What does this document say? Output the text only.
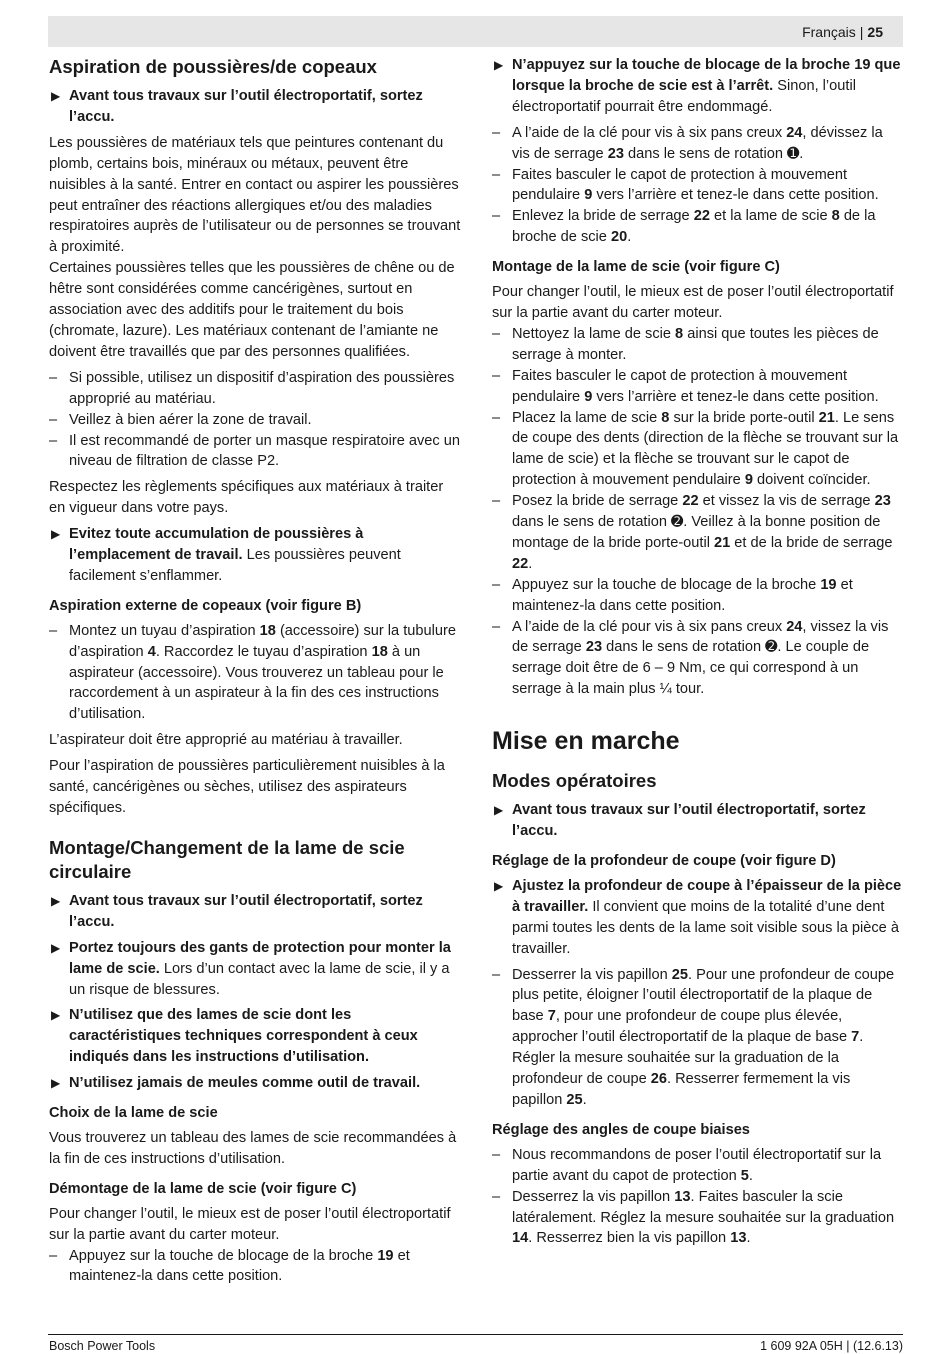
Français | 25
Aspiration de poussières/de copeaux
▶ Avant tous travaux sur l’outil électroportatif, sortez l’accu.
Les poussières de matériaux tels que peintures contenant du plomb, certains bois, minéraux ou métaux, peuvent être nuisibles à la santé. Entrer en contact ou aspirer les poussières peut entraîner des réactions allergiques et/ou des maladies respiratoires auprès de l’utilisateur ou de personnes se trouvant à proximité.
Certaines poussières telles que les poussières de chêne ou de hêtre sont considérées comme cancérigènes, surtout en association avec des additifs pour le traitement du bois (chromate, lazure). Les matériaux contenant de l’amiante ne doivent être travaillés que par des personnes qualifiées.
– Si possible, utilisez un dispositif d’aspiration des poussières approprié au matériau.
– Veillez à bien aérer la zone de travail.
– Il est recommandé de porter un masque respiratoire avec un niveau de filtration de classe P2.
Respectez les règlements spécifiques aux matériaux à traiter en vigueur dans votre pays.
▶ Evitez toute accumulation de poussières à l’emplacement de travail. Les poussières peuvent facilement s’enflammer.
Aspiration externe de copeaux (voir figure B)
– Montez un tuyau d’aspiration 18 (accessoire) sur la tubulure d’aspiration 4. Raccordez le tuyau d’aspiration 18 à un aspirateur (accessoire). Vous trouverez un tableau pour le raccordement à un aspirateur à la fin des ces instructions d’utilisation.
L’aspirateur doit être approprié au matériau à travailler.
Pour l’aspiration de poussières particulièrement nuisibles à la santé, cancérigènes ou sèches, utilisez des aspirateurs spécifiques.
Montage/Changement de la lame de scie circulaire
▶ Avant tous travaux sur l’outil électroportatif, sortez l’accu.
▶ Portez toujours des gants de protection pour monter la lame de scie. Lors d’un contact avec la lame de scie, il y a un risque de blessures.
▶ N’utilisez que des lames de scie dont les caractéristiques techniques correspondent à ceux indiqués dans les instructions d’utilisation.
▶ N’utilisez jamais de meules comme outil de travail.
Choix de la lame de scie
Vous trouverez un tableau des lames de scie recommandées à la fin de ces instructions d’utilisation.
Démontage de la lame de scie (voir figure C)
Pour changer l’outil, le mieux est de poser l’outil électroportatif sur la partie avant du carter moteur.
– Appuyez sur la touche de blocage de la broche 19 et maintenez-la dans cette position.
▶ N’appuyez sur la touche de blocage de la broche 19 que lorsque la broche de scie est à l’arrêt. Sinon, l’outil électroportatif pourrait être endommagé.
– A l’aide de la clé pour vis à six pans creux 24, dévissez la vis de serrage 23 dans le sens de rotation ➊.
– Faites basculer le capot de protection à mouvement pendulaire 9 vers l’arrière et tenez-le dans cette position.
– Enlevez la bride de serrage 22 et la lame de scie 8 de la broche de scie 20.
Montage de la lame de scie (voir figure C)
Pour changer l’outil, le mieux est de poser l’outil électroportatif sur la partie avant du carter moteur.
– Nettoyez la lame de scie 8 ainsi que toutes les pièces de serrage à monter.
– Faites basculer le capot de protection à mouvement pendulaire 9 vers l’arrière et tenez-le dans cette position.
– Placez la lame de scie 8 sur la bride porte-outil 21. Le sens de coupe des dents (direction de la flèche se trouvant sur la lame de scie) et la flèche se trouvant sur le capot de protection à mouvement pendulaire 9 doivent coïncider.
– Posez la bride de serrage 22 et vissez la vis de serrage 23 dans le sens de rotation ➋. Veillez à la bonne position de montage de la bride porte-outil 21 et de la bride de serrage 22.
– Appuyez sur la touche de blocage de la broche 19 et maintenez-la dans cette position.
– A l’aide de la clé pour vis à six pans creux 24, vissez la vis de serrage 23 dans le sens de rotation ➋. Le couple de serrage doit être de 6 – 9 Nm, ce qui correspond à un serrage à la main plus ¼ tour.
Mise en marche
Modes opératoires
▶ Avant tous travaux sur l’outil électroportatif, sortez l’accu.
Réglage de la profondeur de coupe (voir figure D)
▶ Ajustez la profondeur de coupe à l’épaisseur de la pièce à travailler. Il convient que moins de la totalité d’une dent parmi toutes les dents de la lame soit visible sous la pièce à travailler.
– Desserrer la vis papillon 25. Pour une profondeur de coupe plus petite, éloigner l’outil électroportatif de la plaque de base 7, pour une profondeur de coupe plus élevée, approcher l’outil électroportatif de la plaque de base 7. Régler la mesure souhaitée sur la graduation de la profondeur de coupe 26. Resserrer fermement la vis papillon 25.
Réglage des angles de coupe biaises
– Nous recommandons de poser l’outil électroportatif sur la partie avant du capot de protection 5.
– Desserrez la vis papillon 13. Faites basculer la scie latéralement. Réglez la mesure souhaitée sur la graduation 14. Resserrez bien la vis papillon 13.
Bosch Power Tools	1 609 92A 05H | (12.6.13)
